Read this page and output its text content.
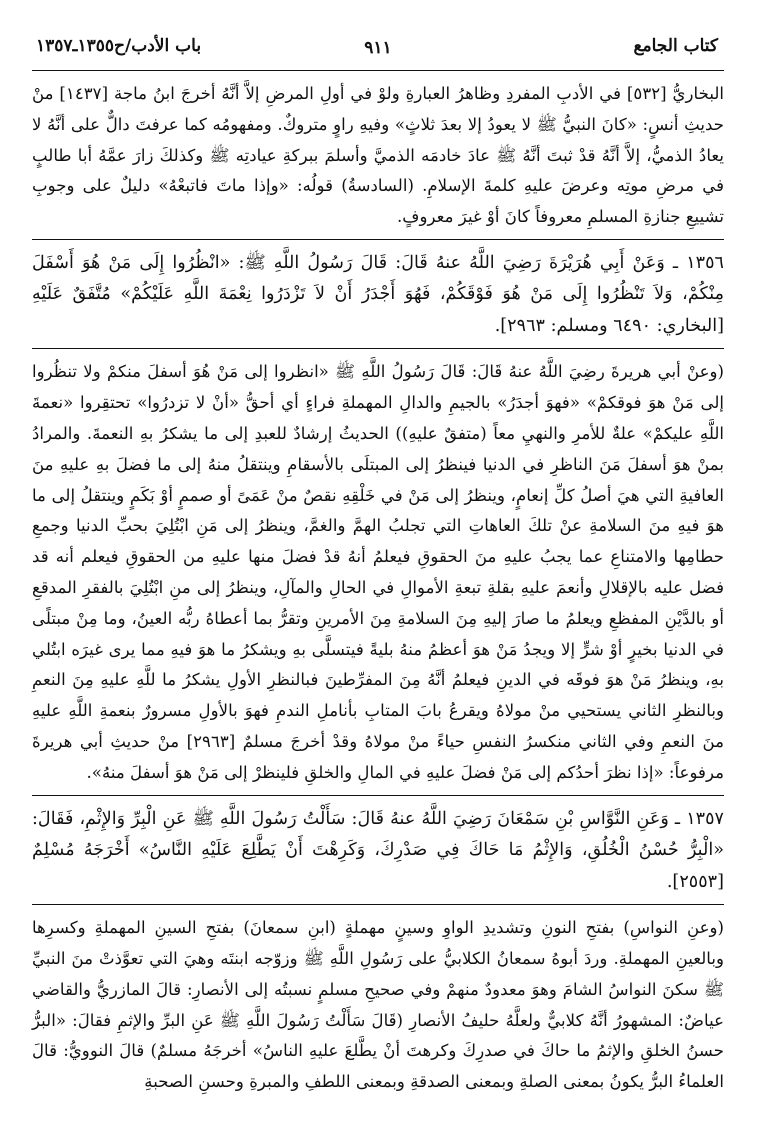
كتاب الجامع
٩١١
باب الأدب/ح١٣٥٥ـ١٣٥٧

البخاريُّ [٥٣٢] في الأدبِ المفردِ وظاهرُ العبارةِ ولوْ في أولِ المرضِ إلاَّ أنَّهُ أخرجَ ابنُ ماجة [١٤٣٧] منْ حديثِ أنسٍ: «كانَ النبيُّ ﷺ لا يعودُ إلا بعدَ ثلاثٍ» وفيهِ راوٍ متروكٌ. ومفهومُه كما عرفتَ دالٌّ على أنَّهُ لا يعادُ الذميُّ، إلاَّ أنَّهُ قدْ ثبتَ أنَّهُ ﷺ عادَ خادمَه الذميَّ وأسلمَ ببركةِ عيادتِه ﷺ وكذلكَ زارَ عمَّهُ أبا طالبٍ في مرضِ موتِه وعرضَ عليهِ كلمةَ الإسلامِ. (السادسةُ) قولُه: «وإذا ماتَ فاتبعْهُ» دليلٌ على وجوبِ تشييعِ جنازةِ المسلمِ معروفاً كانَ أوْ غيرَ معروفٍ.

١٣٥٦ ـ وَعَنْ أَبِي هُرَيْرَةَ رَضِيَ اللَّهُ عنهُ قَالَ: قَالَ رَسُولُ اللَّهِ ﷺ: «انْظُرُوا إِلَى مَنْ هُوَ أَسْفَلَ مِنْكُمْ، وَلاَ تَنْظُرُوا إِلَى مَنْ هُوَ فَوْقَكُمْ، فَهُوَ أَجْدَرُ أَنْ لاَ تَزْدَرُوا نِعْمَةَ اللَّهِ عَلَيْكُمْ» مُتَّفَقٌ عَلَيْهِ [البخاري: ٦٤٩٠ ومسلم: ٢٩٦٣].

(وعنْ أبي هريرةَ رضِيَ اللَّهُ عنهُ قَالَ: قَالَ رَسُولُ اللَّهِ ﷺ «انظروا إلى مَنْ هُوَ أسفلَ منكمْ ولا تنظُروا إلى مَنْ هوَ فوقكمْ» «فهوَ أجدَرُ» بالجيمِ والدالِ المهملةِ فراءٍ أي أحقُّ «أنْ لا تزدرُوا» تحتقِروا «نعمةَ اللَّهِ عليكمْ» علةٌ للأمرِ والنهيِ معاً (متفقٌ عليهِ)) الحديثُ إرشادٌ للعبدِ إلى ما يشكرُ بهِ النعمةَ. والمرادُ بمنْ هوَ أسفلَ مَنَ الناظرِ في الدنيا فينظرُ إلى المبتلَى بالأسقامِ وينتقلُ منهُ إلى ما فضلَ بهِ عليهِ منَ العافيةِ التي هيَ أصلُ كلِّ إنعامٍ، وينظرُ إلى مَنْ في خَلْقِهِ نقصٌ منْ عَمَىً أو صممٍ أوْ بَكَمٍ وينتقلُ إلى ما هوَ فيهِ منَ السلامةِ عنْ تلكَ العاهاتِ التي تجلبُ الهمَّ والغمَّ، وينظرُ إلى مَنِ ابْتُلِيَ بحبِّ الدنيا وجمعِ حطامِها والامتناعِ عما يجبُ عليهِ منَ الحقوقِ فيعلمُ أنهُ قدْ فضلَ منها عليهِ من الحقوقِ فيعلم أنه قد فضل عليه بالإقلالِ وأنعمَ عليهِ بقلةِ تبعةِ الأموالِ في الحالِ والمآلِ، وينظرُ إلى منِ ابْتُلِيَ بالفقرِ المدقعِ أو بالدَّيْنِ المفظعِ ويعلمُ ما صارَ إليهِ مِنَ السلامةِ مِنَ الأمرينِ وتقرُّ بما أعطاهُ ربُّه العينُ، وما مِنْ مبتلًى في الدنيا بخيرٍ أوْ شرٍّ إلا ويجدُ مَنْ هوَ أعظمُ منهُ بليةً فيتسلَّى بهِ ويشكرُ ما هوَ فيهِ مما يرى غيرَه ابتُلي بهِ، وينظرُ مَنْ هوَ فوقَه في الدينِ فيعلمُ أنَّهُ مِنَ المفرِّطينَ فبالنظرِ الأولِ يشكرُ ما للَّهِ عليهِ مِنَ النعمِ وبالنظرِ الثاني يستحيي منْ مولاهُ ويقرعُ بابَ المتابِ بأناملِ الندمِ فهوَ بالأولِ مسرورٌ بنعمةِ اللَّهِ عليهِ منَ النعمِ وفي الثاني منكسرُ النفسِ حياءً منْ مولاهُ وقدْ أخرجَ مسلمٌ [٢٩٦٣] منْ حديثِ أبي هريرةَ مرفوعاً: «إذا نظرَ أحدُكم إلى مَنْ فضلَ عليهِ في المالِ والخلقِ فلينظرْ إلى مَنْ هوَ أسفلَ منهُ».

١٣٥٧ ـ وَعَنِ النَّوَّاسِ بْنِ سَمْعَانَ رَضِيَ اللَّهُ عنهُ قَالَ: سَأَلْتُ رَسُولَ اللَّهِ ﷺ عَنِ الْبِرِّ وَالإِثْمِ، فَقَالَ: «الْبِرُّ حُسْنُ الْخُلُقِ، وَالإِثْمُ مَا حَاكَ فِي صَدْرِكَ، وَكَرِهْتَ أَنْ يَطَّلِعَ عَلَيْهِ النَّاسُ» أَخْرَجَهُ مُسْلِمٌ [٢٥٥٣].

(وعنِ النواسِ) بفتحِ النونِ وتشديدِ الواوِ وسينٍ مهملةٍ (ابنِ سمعانَ) بفتحِ السينِ المهملةِ وكسرِها وبالعينِ المهملةِ. وردَ أبوهُ سمعانُ الكلابيُّ على رَسُولِ اللَّهِ ﷺ وزوّجه ابنتَه وهيَ التي تعوَّذتْ منَ النبيِّ ﷺ سكنَ النواسُ الشامَ وهوَ معدودٌ منهمْ وفي صحيحِ مسلمٍ نسبتُه إلى الأنصارِ: قالَ المازريُّ والقاضي عياضٌ: المشهورُ أنَّهُ كلابيٌّ ولعلَّهُ حليفُ الأنصارِ (قَالَ سَأَلْتُ رَسُولَ اللَّهِ ﷺ عَنِ البرِّ والإثمِ فقالَ: «البرُّ حسنُ الخلقِ والإثمُ ما حاكَ في صدرِكَ وكرهتَ أنْ يطَّلعَ عليهِ الناسُ» أخرجَهُ مسلمٌ) قالَ النوويُّ: قالَ العلماءُ البرُّ يكونُ بمعنى الصلةِ وبمعنى الصدقةِ وبمعنى اللطفِ والمبرةِ وحسنِ الصحبةِ
